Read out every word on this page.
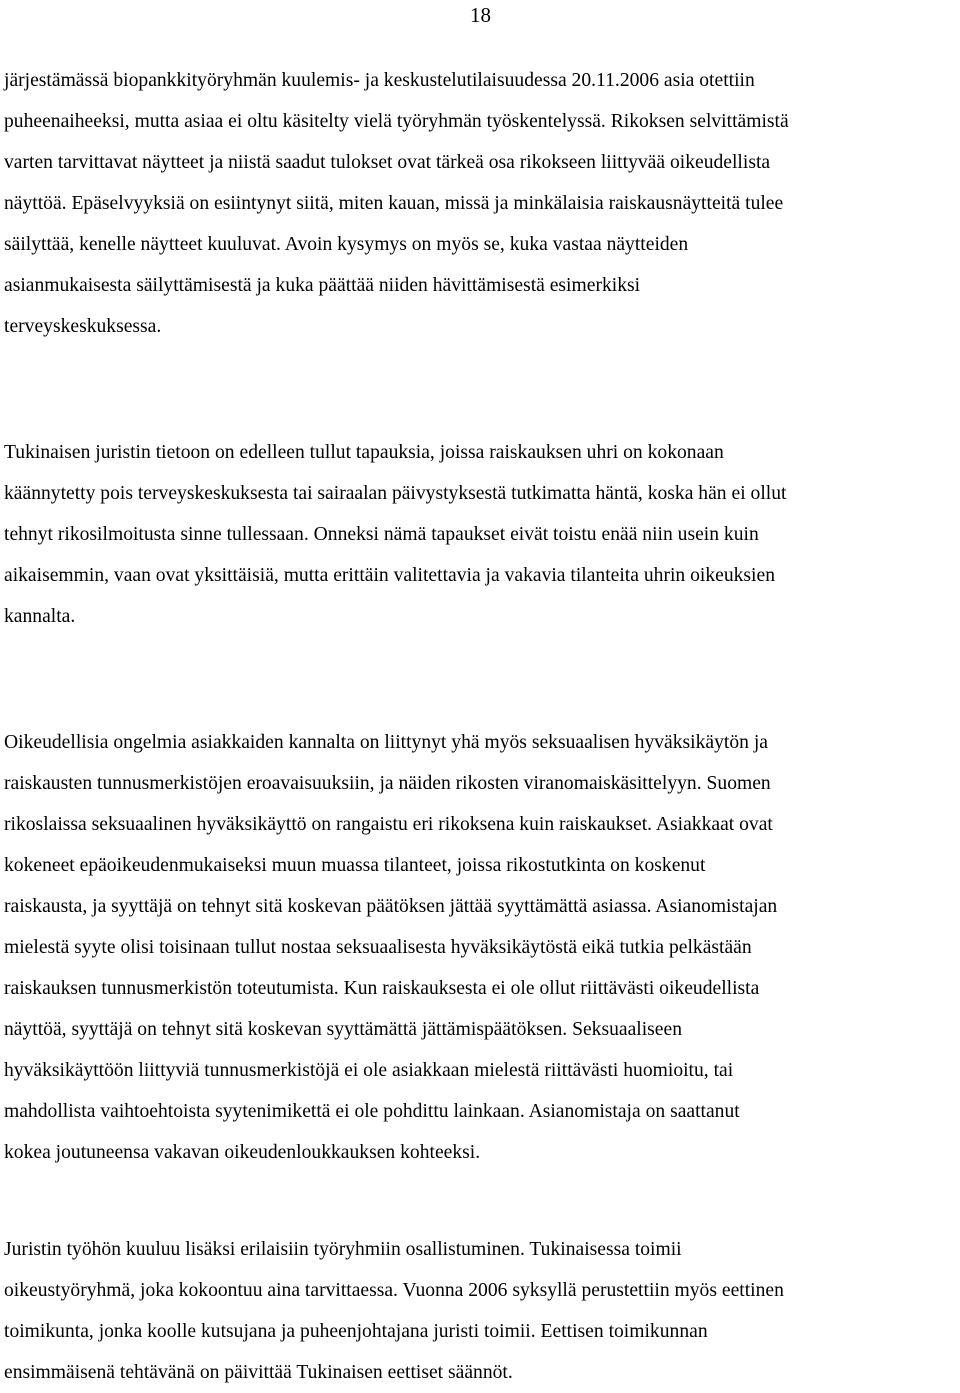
18

järjestämässä biopankkityöryhmän kuulemis- ja keskustelutilaisuudessa 20.11.2006 asia otettiin
puheenaiheeksi, mutta asiaa ei oltu käsitelty vielä työryhmän työskentelyssä. Rikoksen selvittämistä
varten tarvittavat näytteet ja niistä saadut tulokset ovat tärkeä osa rikokseen liittyvää oikeudellista
näyttöä. Epäselvyyksiä on esiintynyt siitä, miten kauan, missä ja minkälaisia raiskausnäytteitä tulee
säilyttää, kenelle näytteet kuuluvat. Avoin kysymys on myös se, kuka vastaa näytteiden
asianmukaisesta säilyttämisestä ja kuka päättää niiden hävittämisestä esimerkiksi
terveyskeskuksessa.

Tukinaisen juristin tietoon on edelleen tullut tapauksia, joissa raiskauksen uhri on kokonaan
käännytetty pois terveyskeskuksesta tai sairaalan päivystyksestä tutkimatta häntä, koska hän ei ollut
tehnyt rikosilmoitusta sinne tullessaan. Onneksi nämä tapaukset eivät toistu enää niin usein kuin
aikaisemmin, vaan ovat yksittäisiä, mutta erittäin valitettavia ja vakavia tilanteita uhrin oikeuksien
kannalta.

Oikeudellisia ongelmia asiakkaiden kannalta on liittynyt yhä myös seksuaalisen hyväksikäytön ja
raiskausten tunnusmerkistöjen eroavaisuuksiin, ja näiden rikosten viranomaiskäsittelyyn. Suomen
rikoslaissa seksuaalinen hyväksikäyttö on rangaistu eri rikoksena kuin raiskaukset. Asiakkaat ovat
kokeneet epäoikeudenmukaiseksi muun muassa tilanteet, joissa rikostutkinta on koskenut
raiskausta, ja syyttäjä on tehnyt sitä koskevan päätöksen jättää syyttämättä asiassa. Asianomistajan
mielestä syyte olisi toisinaan tullut nostaa seksuaalisesta hyväksikäytöstä eikä tutkia pelkästään
raiskauksen tunnusmerkistön toteutumista. Kun raiskauksesta ei ole ollut riittävästi oikeudellista
näyttöä, syyttäjä on tehnyt sitä koskevan syyttämättä jättämispäätöksen. Seksuaaliseen
hyväksikäyttöön liittyviä tunnusmerkistöjä ei ole asiakkaan mielestä riittävästi huomioitu, tai
mahdollista vaihtoehtoista syytenimikettä ei ole pohdittu lainkaan. Asianomistaja on saattanut
kokea joutuneensa vakavan oikeudenloukkauksen kohteeksi.

Juristin työhön kuuluu lisäksi erilaisiin työryhmiin osallistuminen. Tukinaisessa toimii
oikeustyöryhmä, joka kokoontuu aina tarvittaessa. Vuonna 2006 syksyllä perustettiin myös eettinen
toimikunta, jonka koolle kutsujana ja puheenjohtajana juristi toimii. Eettisen toimikunnan
ensimmäisenä tehtävänä on päivittää Tukinaisen eettiset säännöt.
